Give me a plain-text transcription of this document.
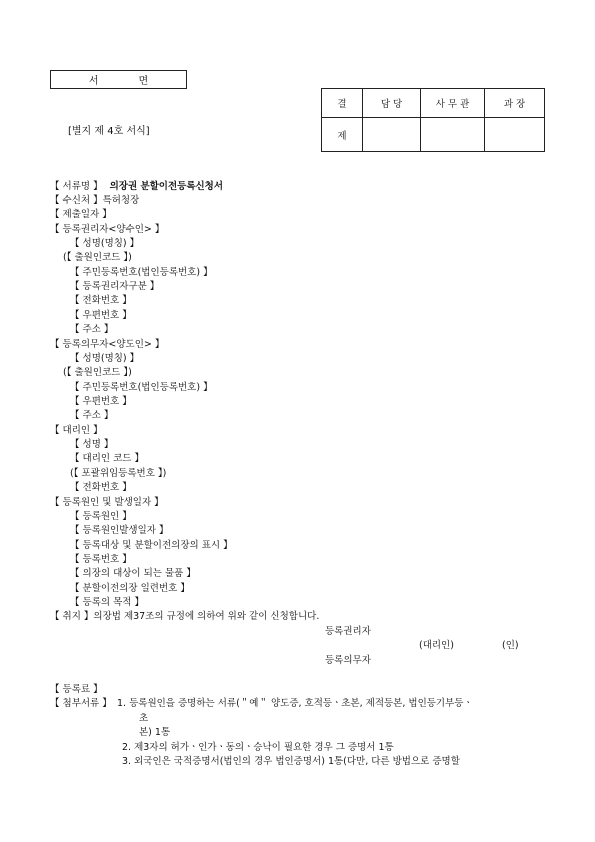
서	면
[별지 제 4호 서식]
결	담 당	사 무 관	과 장
제			
【 서류명 】 의장권 분할이전등록신청서
【 수신처 】특허청장
【 제출일자 】
【 등록권리자<양수인> 】
【 성명(명칭) 】
(【 출원인코드 】)
【 주민등록번호(법인등록번호) 】
【 등록권리자구분 】
【 전화번호 】
【 우편번호 】
【 주소 】
【 등록의무자<양도인> 】
【 성명(명칭) 】
(【 출원인코드 】)
【 주민등록번호(법인등록번호) 】
【 우편번호 】
【 주소 】
【 대리인 】
【 성명 】
【 대리인 코드 】
(【 포괄위임등록번호 】)
【 전화번호 】
【 등록원인 및 발생일자 】
【 등록원인 】
【 등록원인발생일자 】
【 등록대상 및 분할이전의장의 표시 】
【 등록번호 】
【 의장의 대상이 되는 물품 】
【 분할이전의장 일련번호 】
【 등록의 목적 】
【 취지 】의장법 제37조의 규정에 의하여 위와 같이 신청합니다.
등록권리자
(대리인)	(인)
등록의무자
【 등록료 】
【 첨부서류 】 1. 등록원인을 증명하는 서류(＂예＂ 양도증, 호적등ㆍ초본, 제적등본, 법인등기부등ㆍ
초
본) 1통
2. 제3자의 허가ㆍ인가ㆍ동의ㆍ승낙이 필요한 경우 그 증명서 1통
3. 외국인은 국적증명서(법인의 경우 법인증명서) 1통(다만, 다른 방법으로 증명할
